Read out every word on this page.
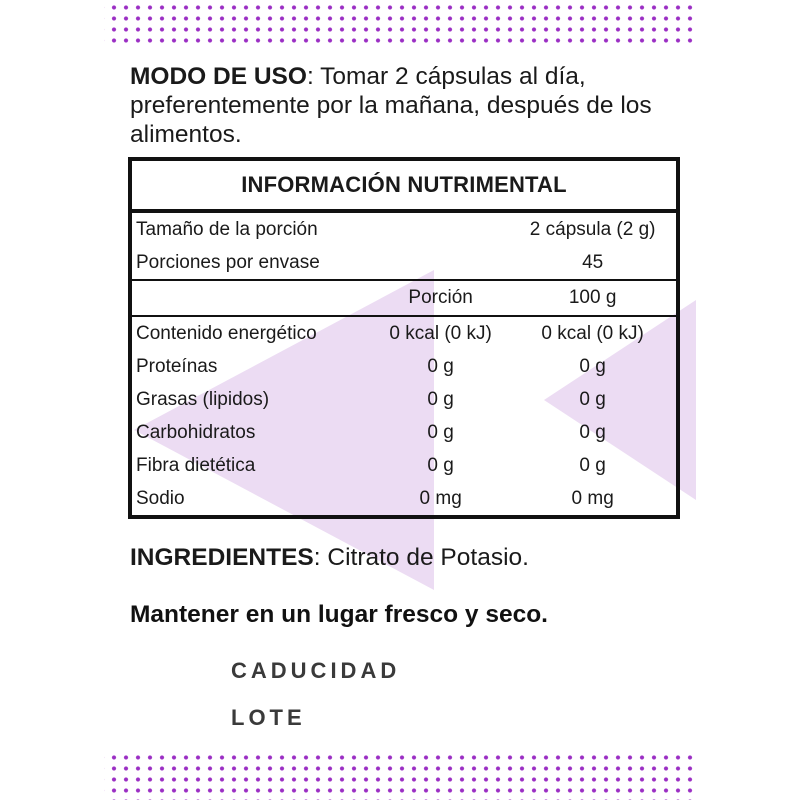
MODO DE USO: Tomar 2 cápsulas al día, preferentemente por la mañana, después de los alimentos.

INFORMACIÓN NUTRIMENTAL		
Tamaño de la porción		2 cápsula (2 g)
Porciones por envase		45
	Porción	100 g
Contenido energético	0 kcal (0 kJ)	0 kcal (0 kJ)
Proteínas	0 g	0 g
Grasas (lipidos)	0 g	0 g
Carbohidratos	0 g	0 g
Fibra dietética	0 g	0 g
Sodio	0 mg	0 mg

INGREDIENTES: Citrato de Potasio.

Mantener en un lugar fresco y seco.

CADUCIDAD

LOTE
